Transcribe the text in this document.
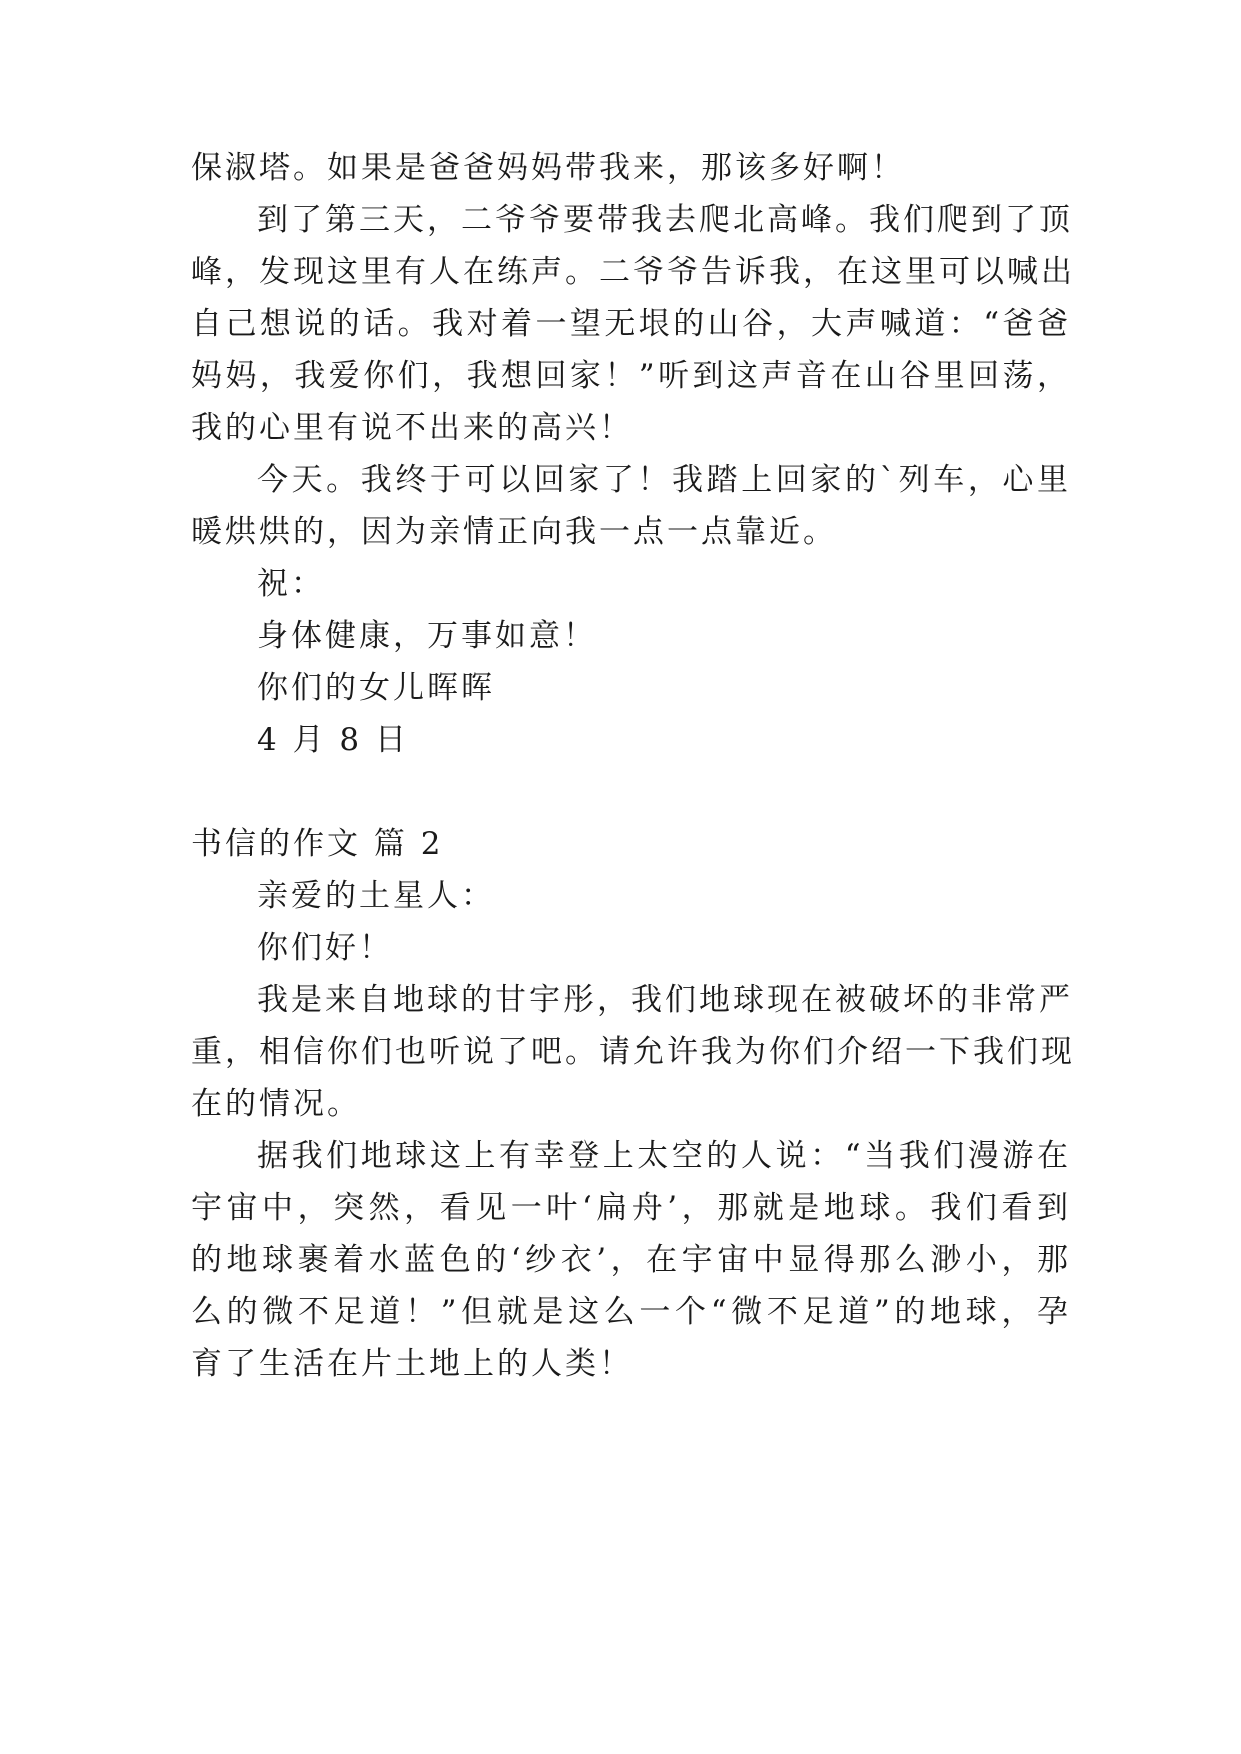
保淑塔。如果是爸爸妈妈带我来，那该多好啊！

到了第三天，二爷爷要带我去爬北高峰。我们爬到了顶

峰，发现这里有人在练声。二爷爷告诉我，在这里可以喊出

自己想说的话。我对着一望无垠的山谷，大声喊道：“爸爸

妈妈，我爱你们，我想回家！”听到这声音在山谷里回荡，

我的心里有说不出来的高兴！

今天。我终于可以回家了！我踏上回家的`列车，心里

暖烘烘的，因为亲情正向我一点一点靠近。

祝：

身体健康，万事如意！

你们的女儿晖晖

4 月 8 日

书信的作文 篇 2

亲爱的土星人：

你们好！

我是来自地球的甘宇彤，我们地球现在被破坏的非常严

重，相信你们也听说了吧。请允许我为你们介绍一下我们现

在的情况。

据我们地球这上有幸登上太空的人说：“当我们漫游在

宇宙中，突然，看见一叶‘扁舟’，那就是地球。我们看到

的地球裹着水蓝色的‘纱衣’，在宇宙中显得那么渺小，那

么的微不足道！”但就是这么一个“微不足道”的地球，孕

育了生活在片土地上的人类！
